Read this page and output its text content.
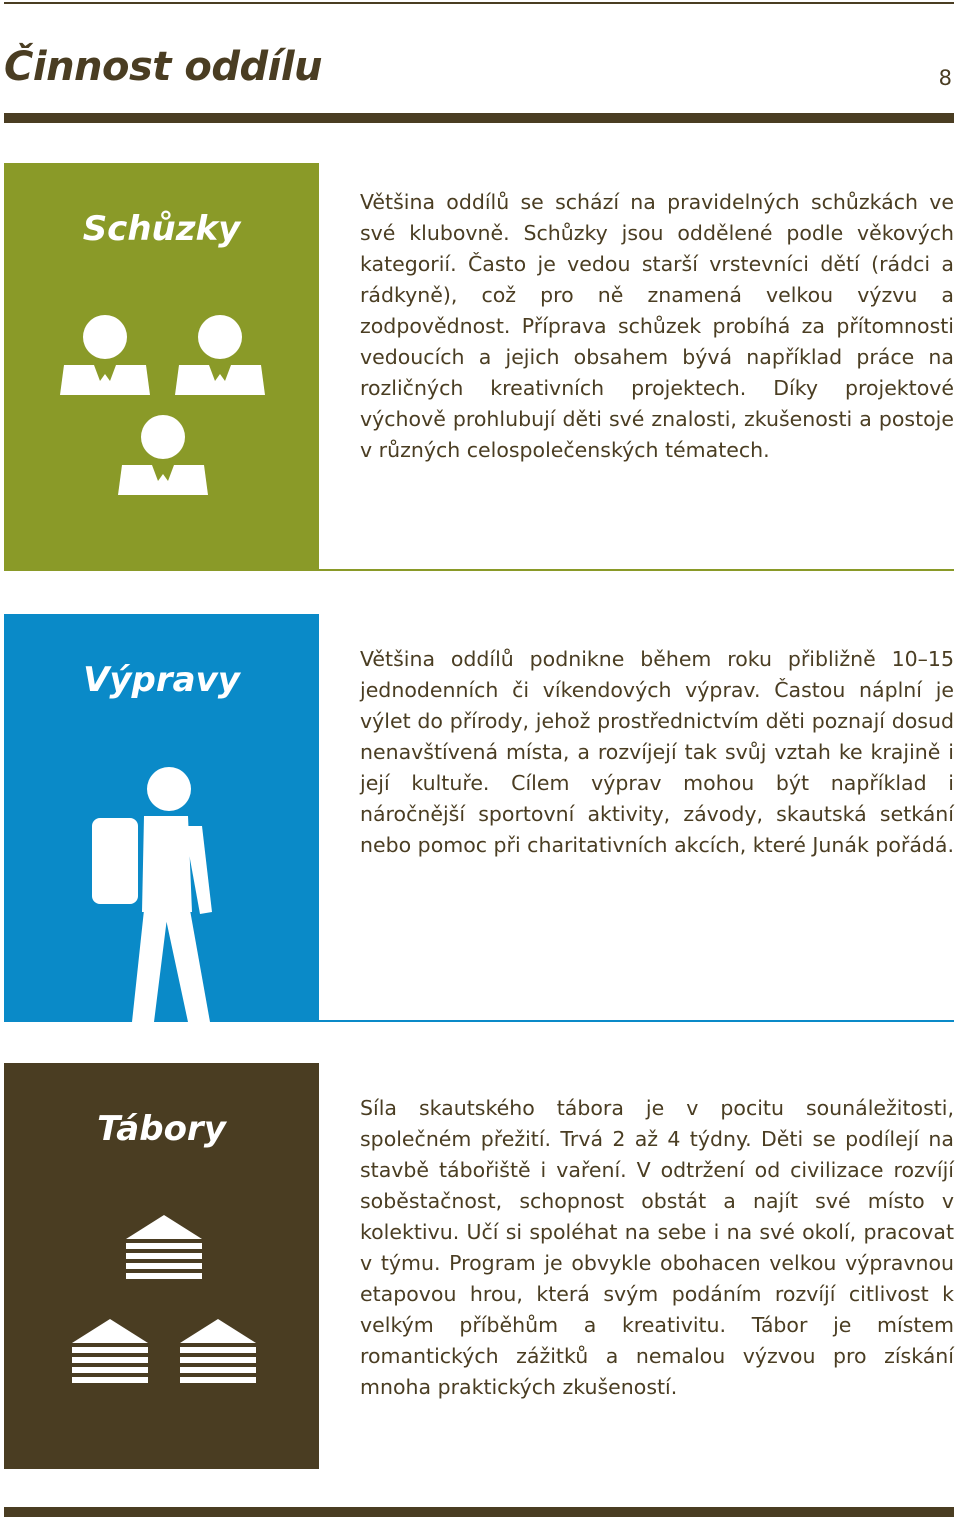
Činnost oddílu	8
Schůzky

Většina oddílů se schází na pravidelných schůzkách ve své klubovně. Schůzky jsou oddělené podle věkových kategorií. Často je vedou starší vrstevníci dětí (rádci a rádkyně), což pro ně znamená velkou výzvu a zodpovědnost. Příprava schůzek probíhá za přítomnosti vedoucích a jejich obsahem bývá například práce na rozličných kreativních projektech. Díky projektové výchově prohlubují děti své znalosti, zkušenosti a postoje v různých celospolečenských tématech.

Výpravy

Většina oddílů podnikne během roku přibližně 10–15 jednodenních či víkendových výprav. Častou náplní je výlet do přírody, jehož prostřednictvím děti poznají dosud nenavštívená místa, a rozvíjejí tak svůj vztah ke krajině i její kultuře. Cílem výprav mohou být například i náročnější sportovní aktivity, závody, skautská setkání nebo pomoc při charitativních akcích, které Junák pořádá.

Tábory

Síla skautského tábora je v pocitu sounáležitosti, společném přežití. Trvá 2 až 4 týdny. Děti se podílejí na stavbě tábořiště i vaření. V odtržení od civilizace rozvíjí soběstačnost, schopnost obstát a najít své místo v kolektivu. Učí si spoléhat na sebe i na své okolí, pracovat v týmu. Program je obvykle obohacen velkou výpravnou etapovou hrou, která svým podáním rozvíjí citlivost k velkým příběhům a kreativitu. Tábor je místem romantických zážitků a nemalou výzvou pro získání mnoha praktických zkušeností.
